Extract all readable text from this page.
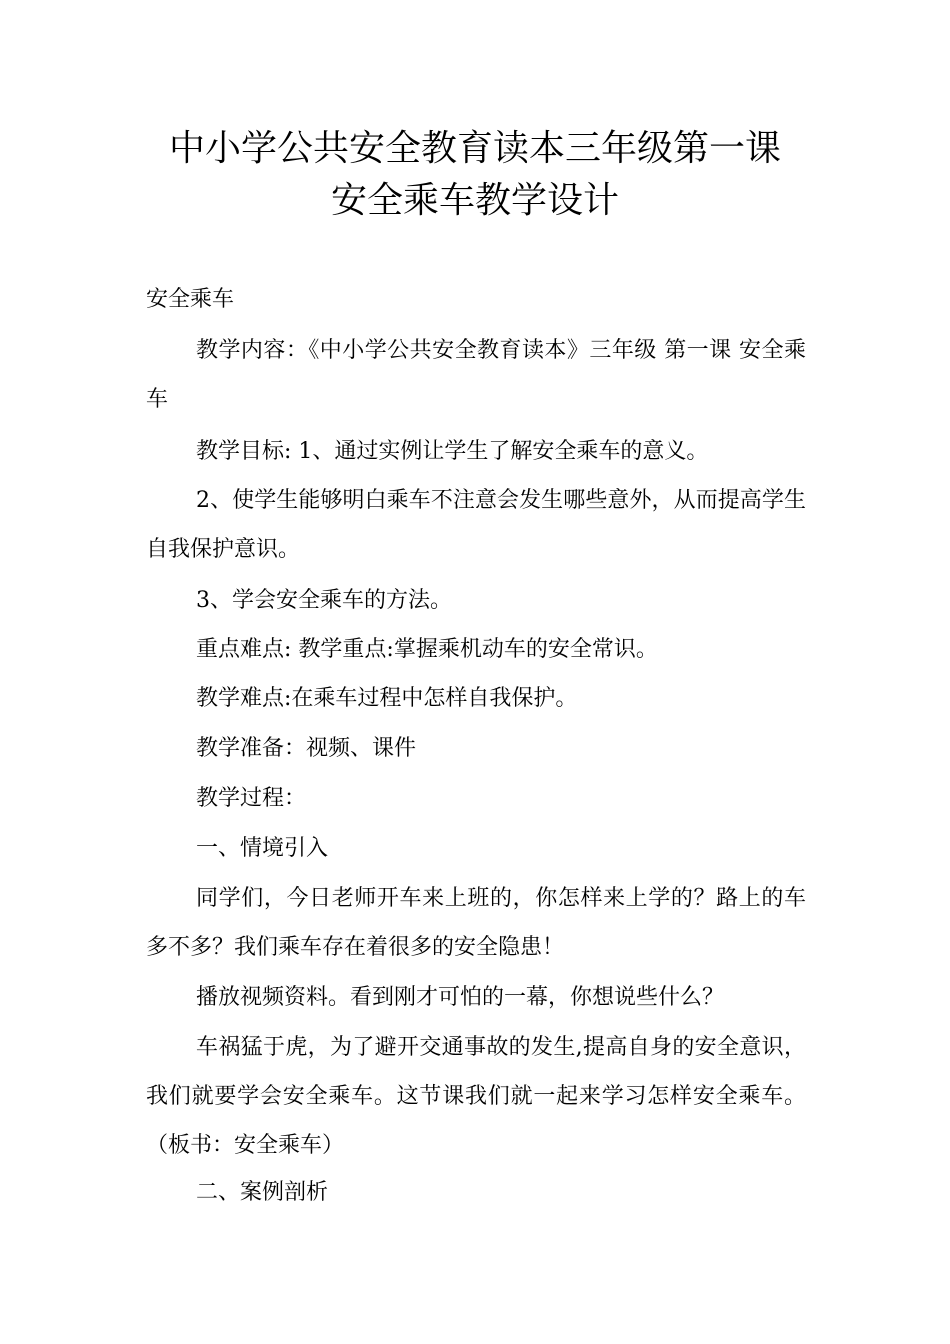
中小学公共安全教育读本三年级第一课
安全乘车教学设计

安全乘车

教学内容：《中小学公共安全教育读本》三年级 第一课 安全乘车

教学目标: 1、通过实例让学生了解安全乘车的意义。

2、使学生能够明白乘车不注意会发生哪些意外，从而提高学生自我保护意识。

3、学会安全乘车的方法。

重点难点: 教学重点:掌握乘机动车的安全常识。

教学难点:在乘车过程中怎样自我保护。

教学准备：视频、课件

教学过程：

一、情境引入

同学们，今日老师开车来上班的，你怎样来上学的？路上的车多不多？我们乘车存在着很多的安全隐患！

播放视频资料。看到刚才可怕的一幕，你想说些什么？

车祸猛于虎，为了避开交通事故的发生,提高自身的安全意识，我们就要学会安全乘车。这节课我们就一起来学习怎样安全乘车。（板书：安全乘车）

二、案例剖析
